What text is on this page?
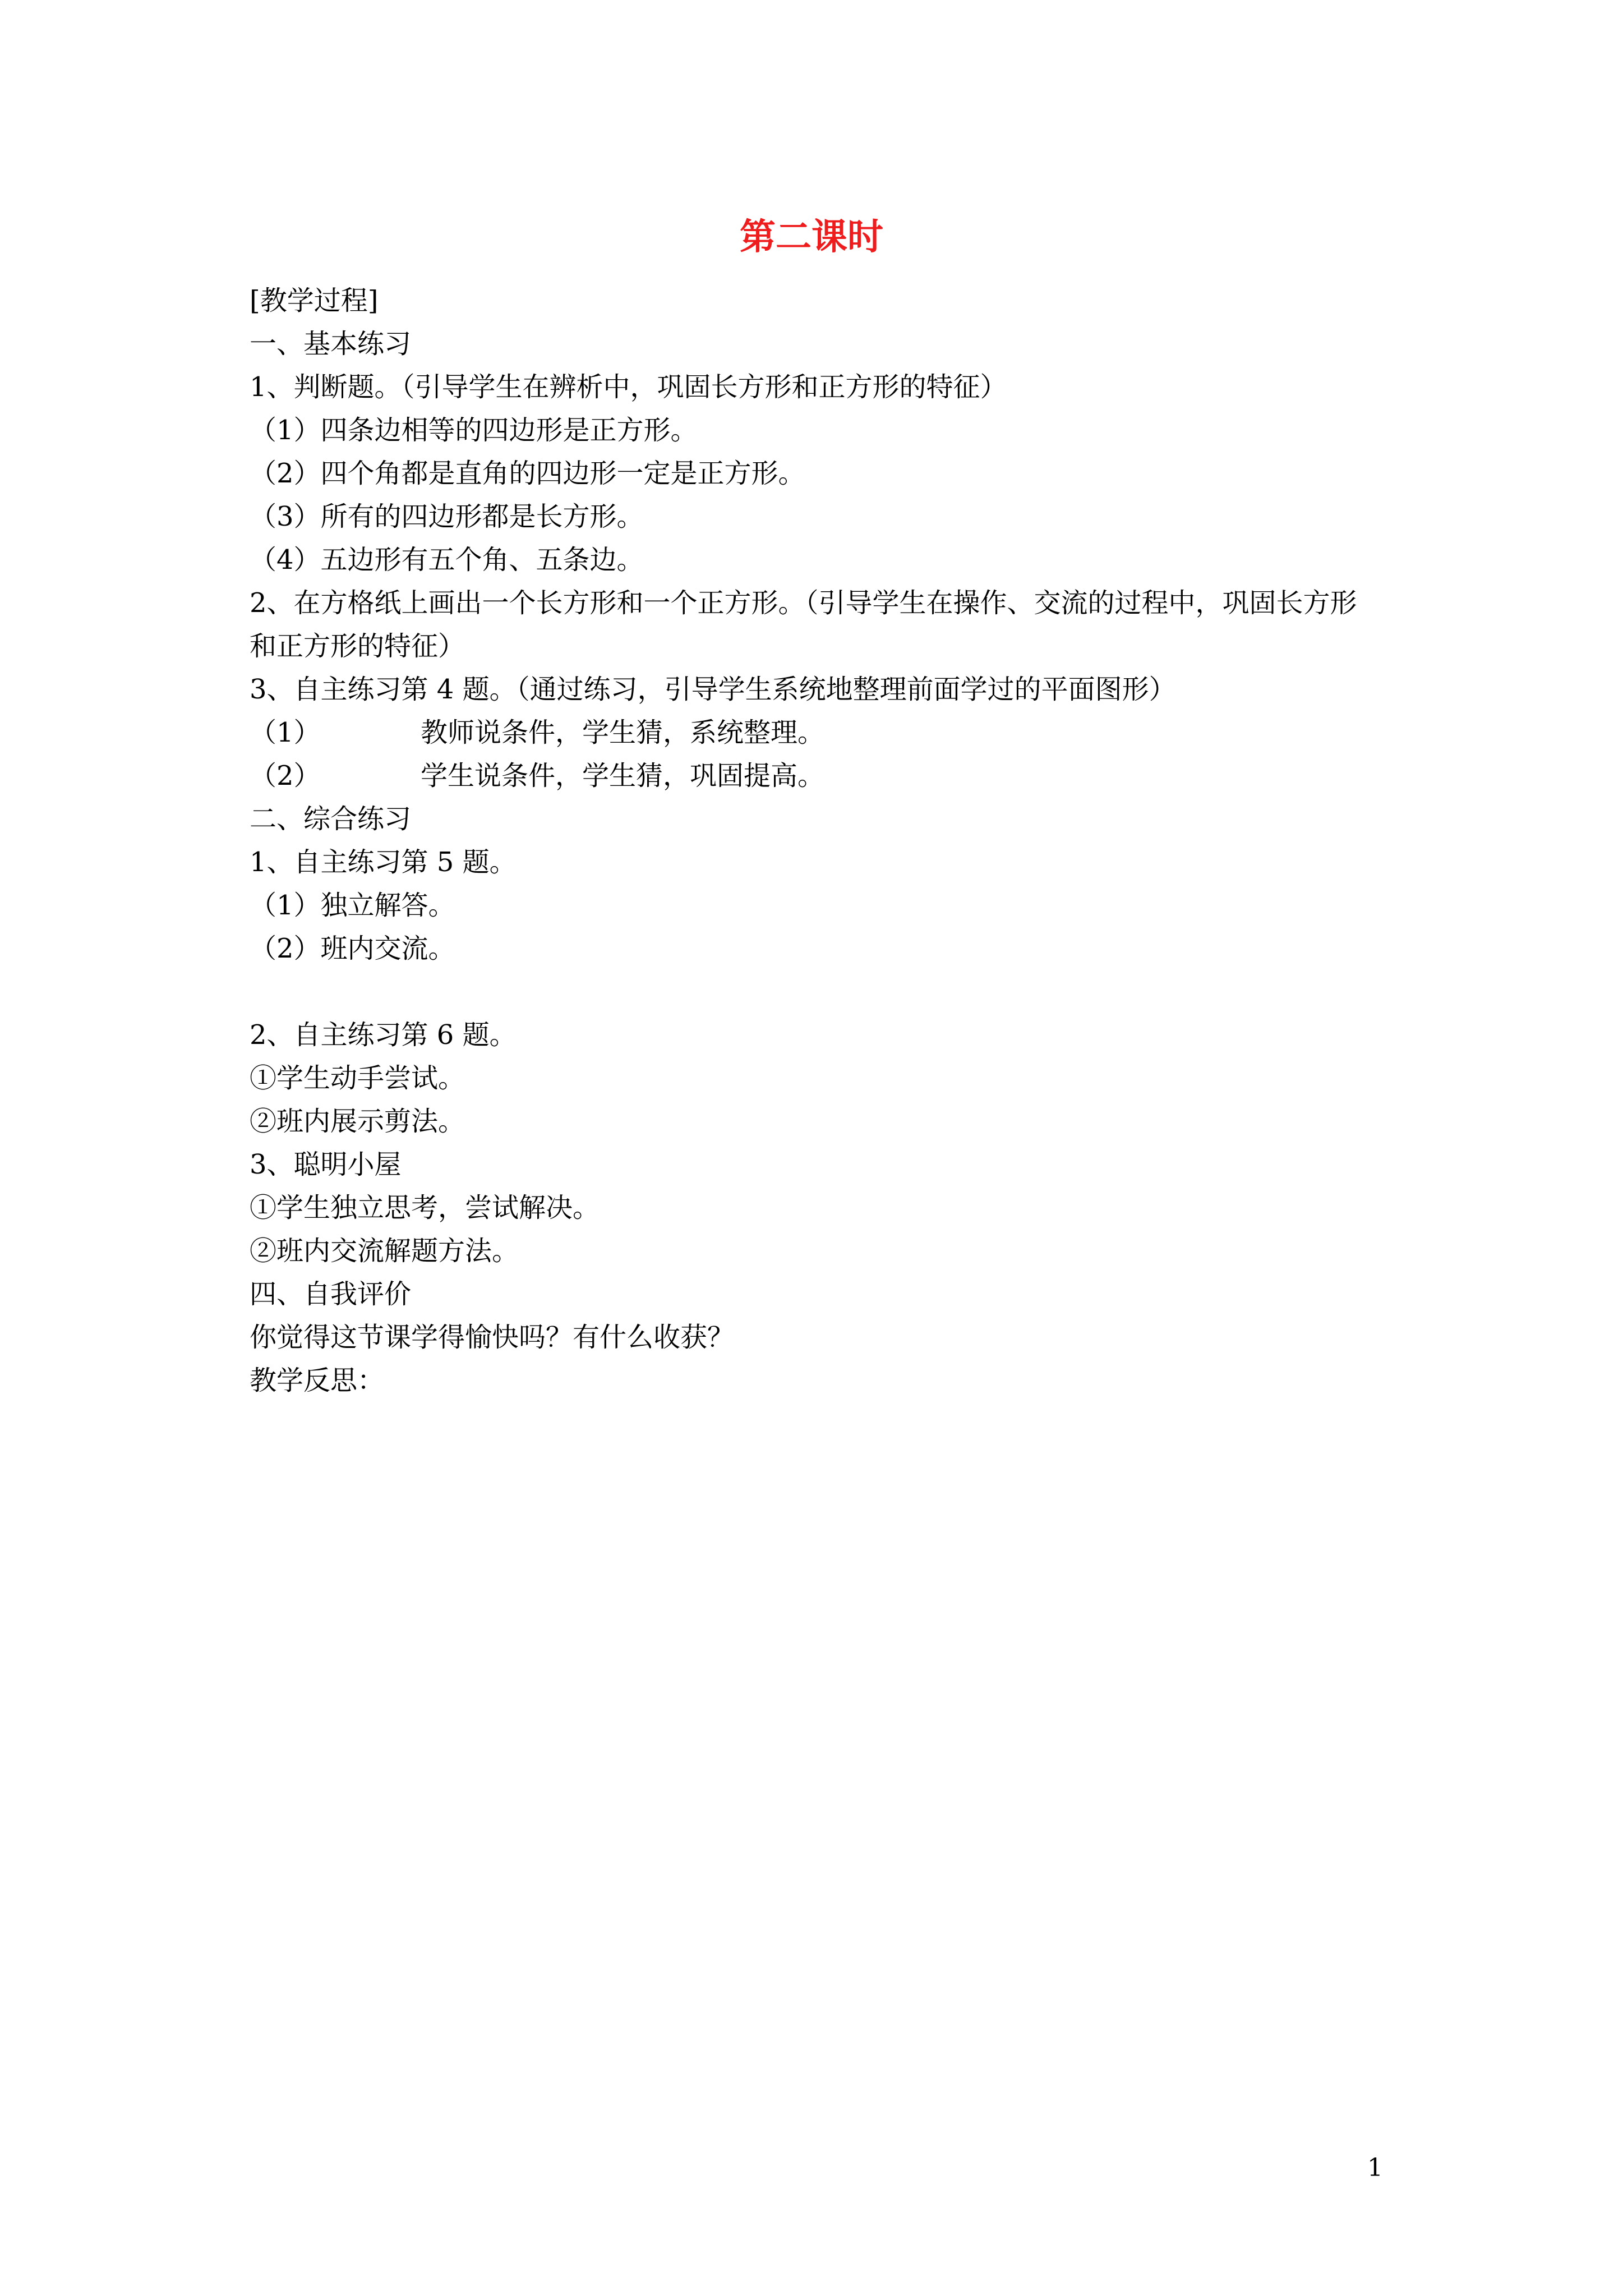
第二课时
[教学过程]
一、基本练习
1、判断题。（引导学生在辨析中，巩固长方形和正方形的特征）
（1）四条边相等的四边形是正方形。
（2）四个角都是直角的四边形一定是正方形。
（3）所有的四边形都是长方形。
（4）五边形有五个角、五条边。
2、在方格纸上画出一个长方形和一个正方形。（引导学生在操作、交流的过程中，巩固长方形和正方形的特征）
3、自主练习第 4 题。（通过练习，引导学生系统地整理前面学过的平面图形）
（1）	教师说条件，学生猜，系统整理。
（2）	学生说条件，学生猜，巩固提高。
二、综合练习
1、自主练习第 5 题。
（1）独立解答。
（2）班内交流。
2、自主练习第 6 题。
①学生动手尝试。
②班内展示剪法。
3、聪明小屋
①学生独立思考，尝试解决。
②班内交流解题方法。
四、自我评价
你觉得这节课学得愉快吗？有什么收获？
教学反思：
1
